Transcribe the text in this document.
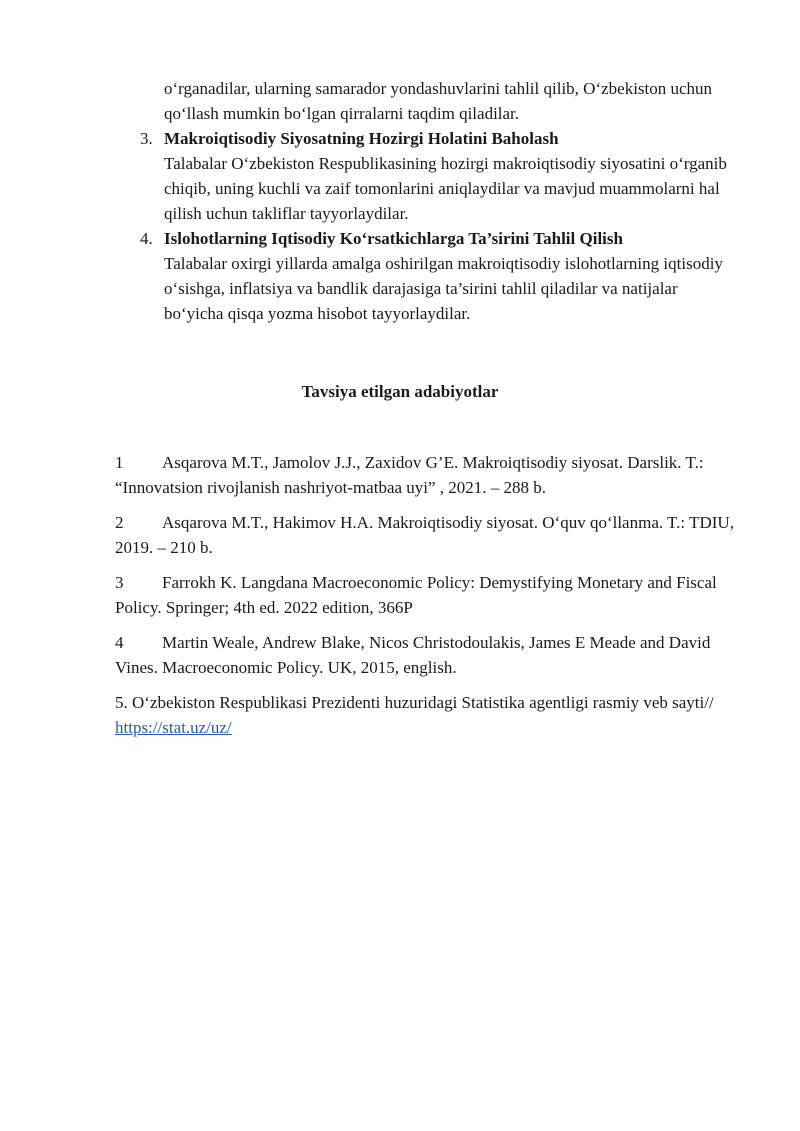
o‘rganadilar, ularning samarador yondashuvlarini tahlil qilib, O‘zbekiston uchun qo‘llash mumkin bo‘lgan qirralarni taqdim qiladilar.
3. Makroiqtisodiy Siyosatning Hozirgi Holatini Baholash
Talabalar O‘zbekiston Respublikasining hozirgi makroiqtisodiy siyosatini o‘rganib chiqib, uning kuchli va zaif tomonlarini aniqlaydilar va mavjud muammolarni hal qilish uchun takliflar tayyorlaydilar.
4. Islohotlarning Iqtisodiy Ko‘rsatkichlarga Ta’sirini Tahlil Qilish
Talabalar oxirgi yillarda amalga oshirilgan makroiqtisodiy islohotlarning iqtisodiy o‘sishga, inflatsiya va bandlik darajasiga ta’sirini tahlil qiladilar va natijalar bo‘yicha qisqa yozma hisobot tayyorlaydilar.
Tavsiya etilgan adabiyotlar

1 Asqarova M.T., Jamolov J.J., Zaxidov G’E. Makroiqtisodiy siyosat. Darslik. T.: “Innovatsion rivojlanish nashriyot-matbaa uyi” , 2021. – 288 b.

2 Asqarova M.T., Hakimov H.A. Makroiqtisodiy siyosat. O‘quv qo‘llanma. T.: TDIU, 2019. – 210 b.

3 Farrokh K. Langdana Macroeconomic Policy: Demystifying Monetary and Fiscal Policy. Springer; 4th ed. 2022 edition, 366P

4 Martin Weale, Andrew Blake, Nicos Christodoulakis, James E Meade and David Vines. Macroeconomic Policy. UK, 2015, english.

5. O‘zbekiston Respublikasi Prezidenti huzuridagi Statistika agentligi rasmiy veb sayti// https://stat.uz/uz/
